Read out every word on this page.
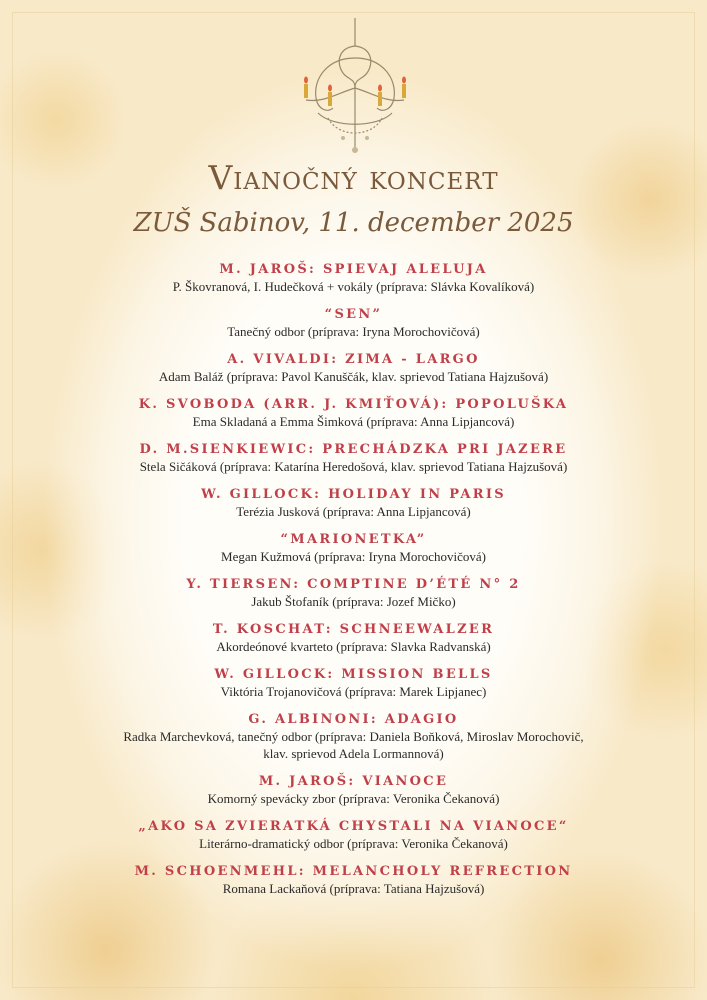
Vianočný koncert
ZUŠ Sabinov, 11. december 2025
M. JAROŠ: SPIEVAJ ALELUJA
P. Škovranová, I. Hudečková + vokály (príprava: Slávka Kovalíková)
“SEN”
Tanečný odbor (príprava: Iryna Morochovičová)
A. VIVALDI: ZIMA - LARGO
Adam Baláž (príprava: Pavol Kanuščák, klav. sprievod Tatiana Hajzušová)
K. SVOBODA (ARR. J. KMIŤOVÁ): POPOLUŠKA
Ema Skladaná a Emma Šimková (príprava: Anna Lipjancová)
D. M.SIENKIEWIC: PRECHÁDZKA PRI JAZERE
Stela Sičáková (príprava: Katarína Heredošová, klav. sprievod Tatiana Hajzušová)
W. GILLOCK: HOLIDAY IN PARIS
Terézia Jusková (príprava: Anna Lipjancová)
“MARIONETKA”
Megan Kužmová (príprava: Iryna Morochovičová)
Y. TIERSEN: COMPTINE D’ÉTÉ N° 2
Jakub Štofaník (príprava: Jozef Mičko)
T. KOSCHAT: SCHNEEWALZER
Akordeónové kvarteto (príprava: Slavka Radvanská)
W. GILLOCK: MISSION BELLS
Viktória Trojanovičová (príprava: Marek Lipjanec)
G. ALBINONI: ADAGIO
Radka Marchevková, tanečný odbor (príprava: Daniela Boňková, Miroslav Morochovič,
klav. sprievod Adela Lormannová)
M. JAROŠ: VIANOCE
Komorný spevácky zbor (príprava: Veronika Čekanová)
„AKO SA ZVIERATKÁ CHYSTALI NA VIANOCE“
Literárno-dramatický odbor (príprava: Veronika Čekanová)
M. SCHOENMEHL: MELANCHOLY REFRECTION
Romana Lackaňová (príprava: Tatiana Hajzušová)
